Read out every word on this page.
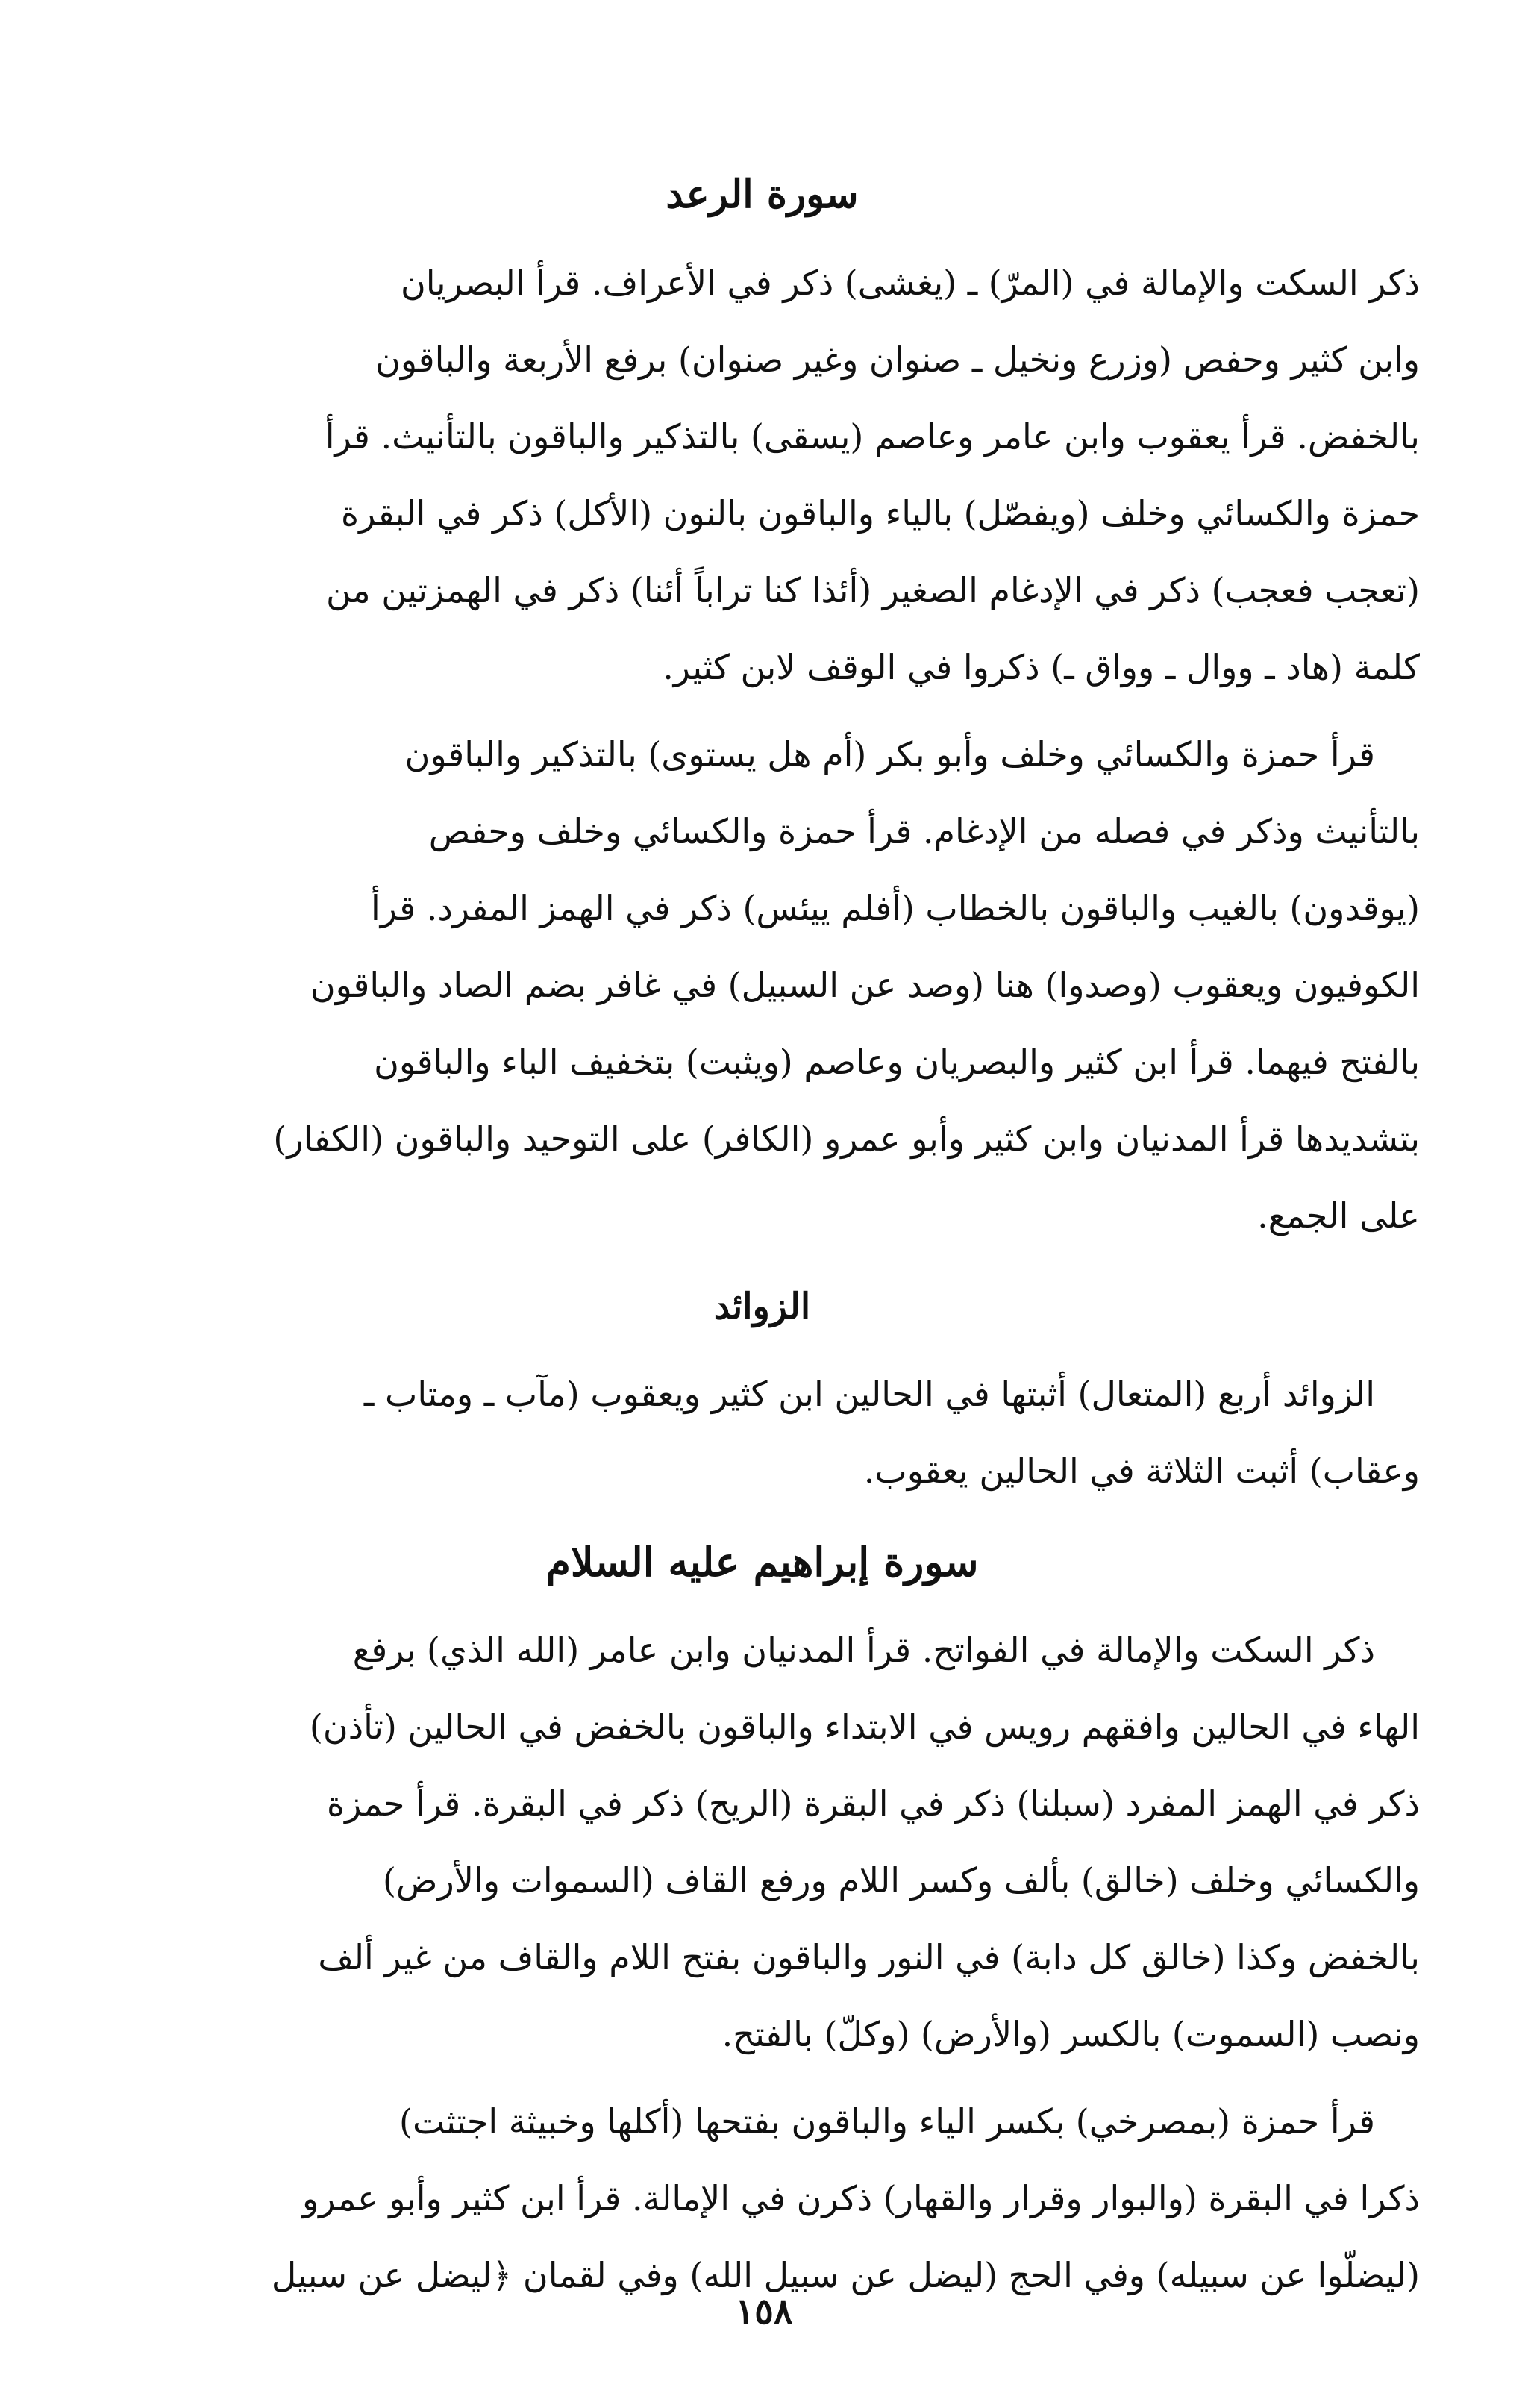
سورة الرعد

ذكر السكت والإمالة في (المرّ) ـ (يغشى) ذكر في الأعراف. قرأ البصريان
وابن كثير وحفص (وزرع ونخيل ـ صنوان وغير صنوان) برفع الأربعة والباقون
بالخفض. قرأ يعقوب وابن عامر وعاصم (يسقى) بالتذكير والباقون بالتأنيث. قرأ
حمزة والكسائي وخلف (ويفصّل) بالياء والباقون بالنون (الأكل) ذكر في البقرة
(تعجب فعجب) ذكر في الإدغام الصغير (أئذا كنا تراباً أئنا) ذكر في الهمزتين من
كلمة (هاد ـ ووال ـ وواق ـ) ذكروا في الوقف لابن كثير.

قرأ حمزة والكسائي وخلف وأبو بكر (أم هل يستوى) بالتذكير والباقون
بالتأنيث وذكر في فصله من الإدغام. قرأ حمزة والكسائي وخلف وحفص
(يوقدون) بالغيب والباقون بالخطاب (أفلم ييئس) ذكر في الهمز المفرد. قرأ
الكوفيون ويعقوب (وصدوا) هنا (وصد عن السبيل) في غافر بضم الصاد والباقون
بالفتح فيهما. قرأ ابن كثير والبصريان وعاصم (ويثبت) بتخفيف الباء والباقون
بتشديدها قرأ المدنيان وابن كثير وأبو عمرو (الكافر) على التوحيد والباقون (الكفار)
على الجمع.

الزوائد

الزوائد أربع (المتعال) أثبتها في الحالين ابن كثير ويعقوب (مآب ـ ومتاب ـ
وعقاب) أثبت الثلاثة في الحالين يعقوب.

سورة إبراهيم عليه السلام

ذكر السكت والإمالة في الفواتح. قرأ المدنيان وابن عامر (الله الذي) برفع
الهاء في الحالين وافقهم رويس في الابتداء والباقون بالخفض في الحالين (تأذن)
ذكر في الهمز المفرد (سبلنا) ذكر في البقرة (الريح) ذكر في البقرة. قرأ حمزة
والكسائي وخلف (خالق) بألف وكسر اللام ورفع القاف (السموات والأرض)
بالخفض وكذا (خالق كل دابة) في النور والباقون بفتح اللام والقاف من غير ألف
ونصب (السموت) بالكسر (والأرض) (وكلّ) بالفتح.

قرأ حمزة (بمصرخي) بكسر الياء والباقون بفتحها (أكلها وخبيثة اجتثت)
ذكرا في البقرة (والبوار وقرار والقهار) ذكرن في الإمالة. قرأ ابن كثير وأبو عمرو
(ليضلّوا عن سبيله) وفي الحج (ليضل عن سبيل الله) وفي لقمان ﴿ليضل عن سبيل

١٥٨
